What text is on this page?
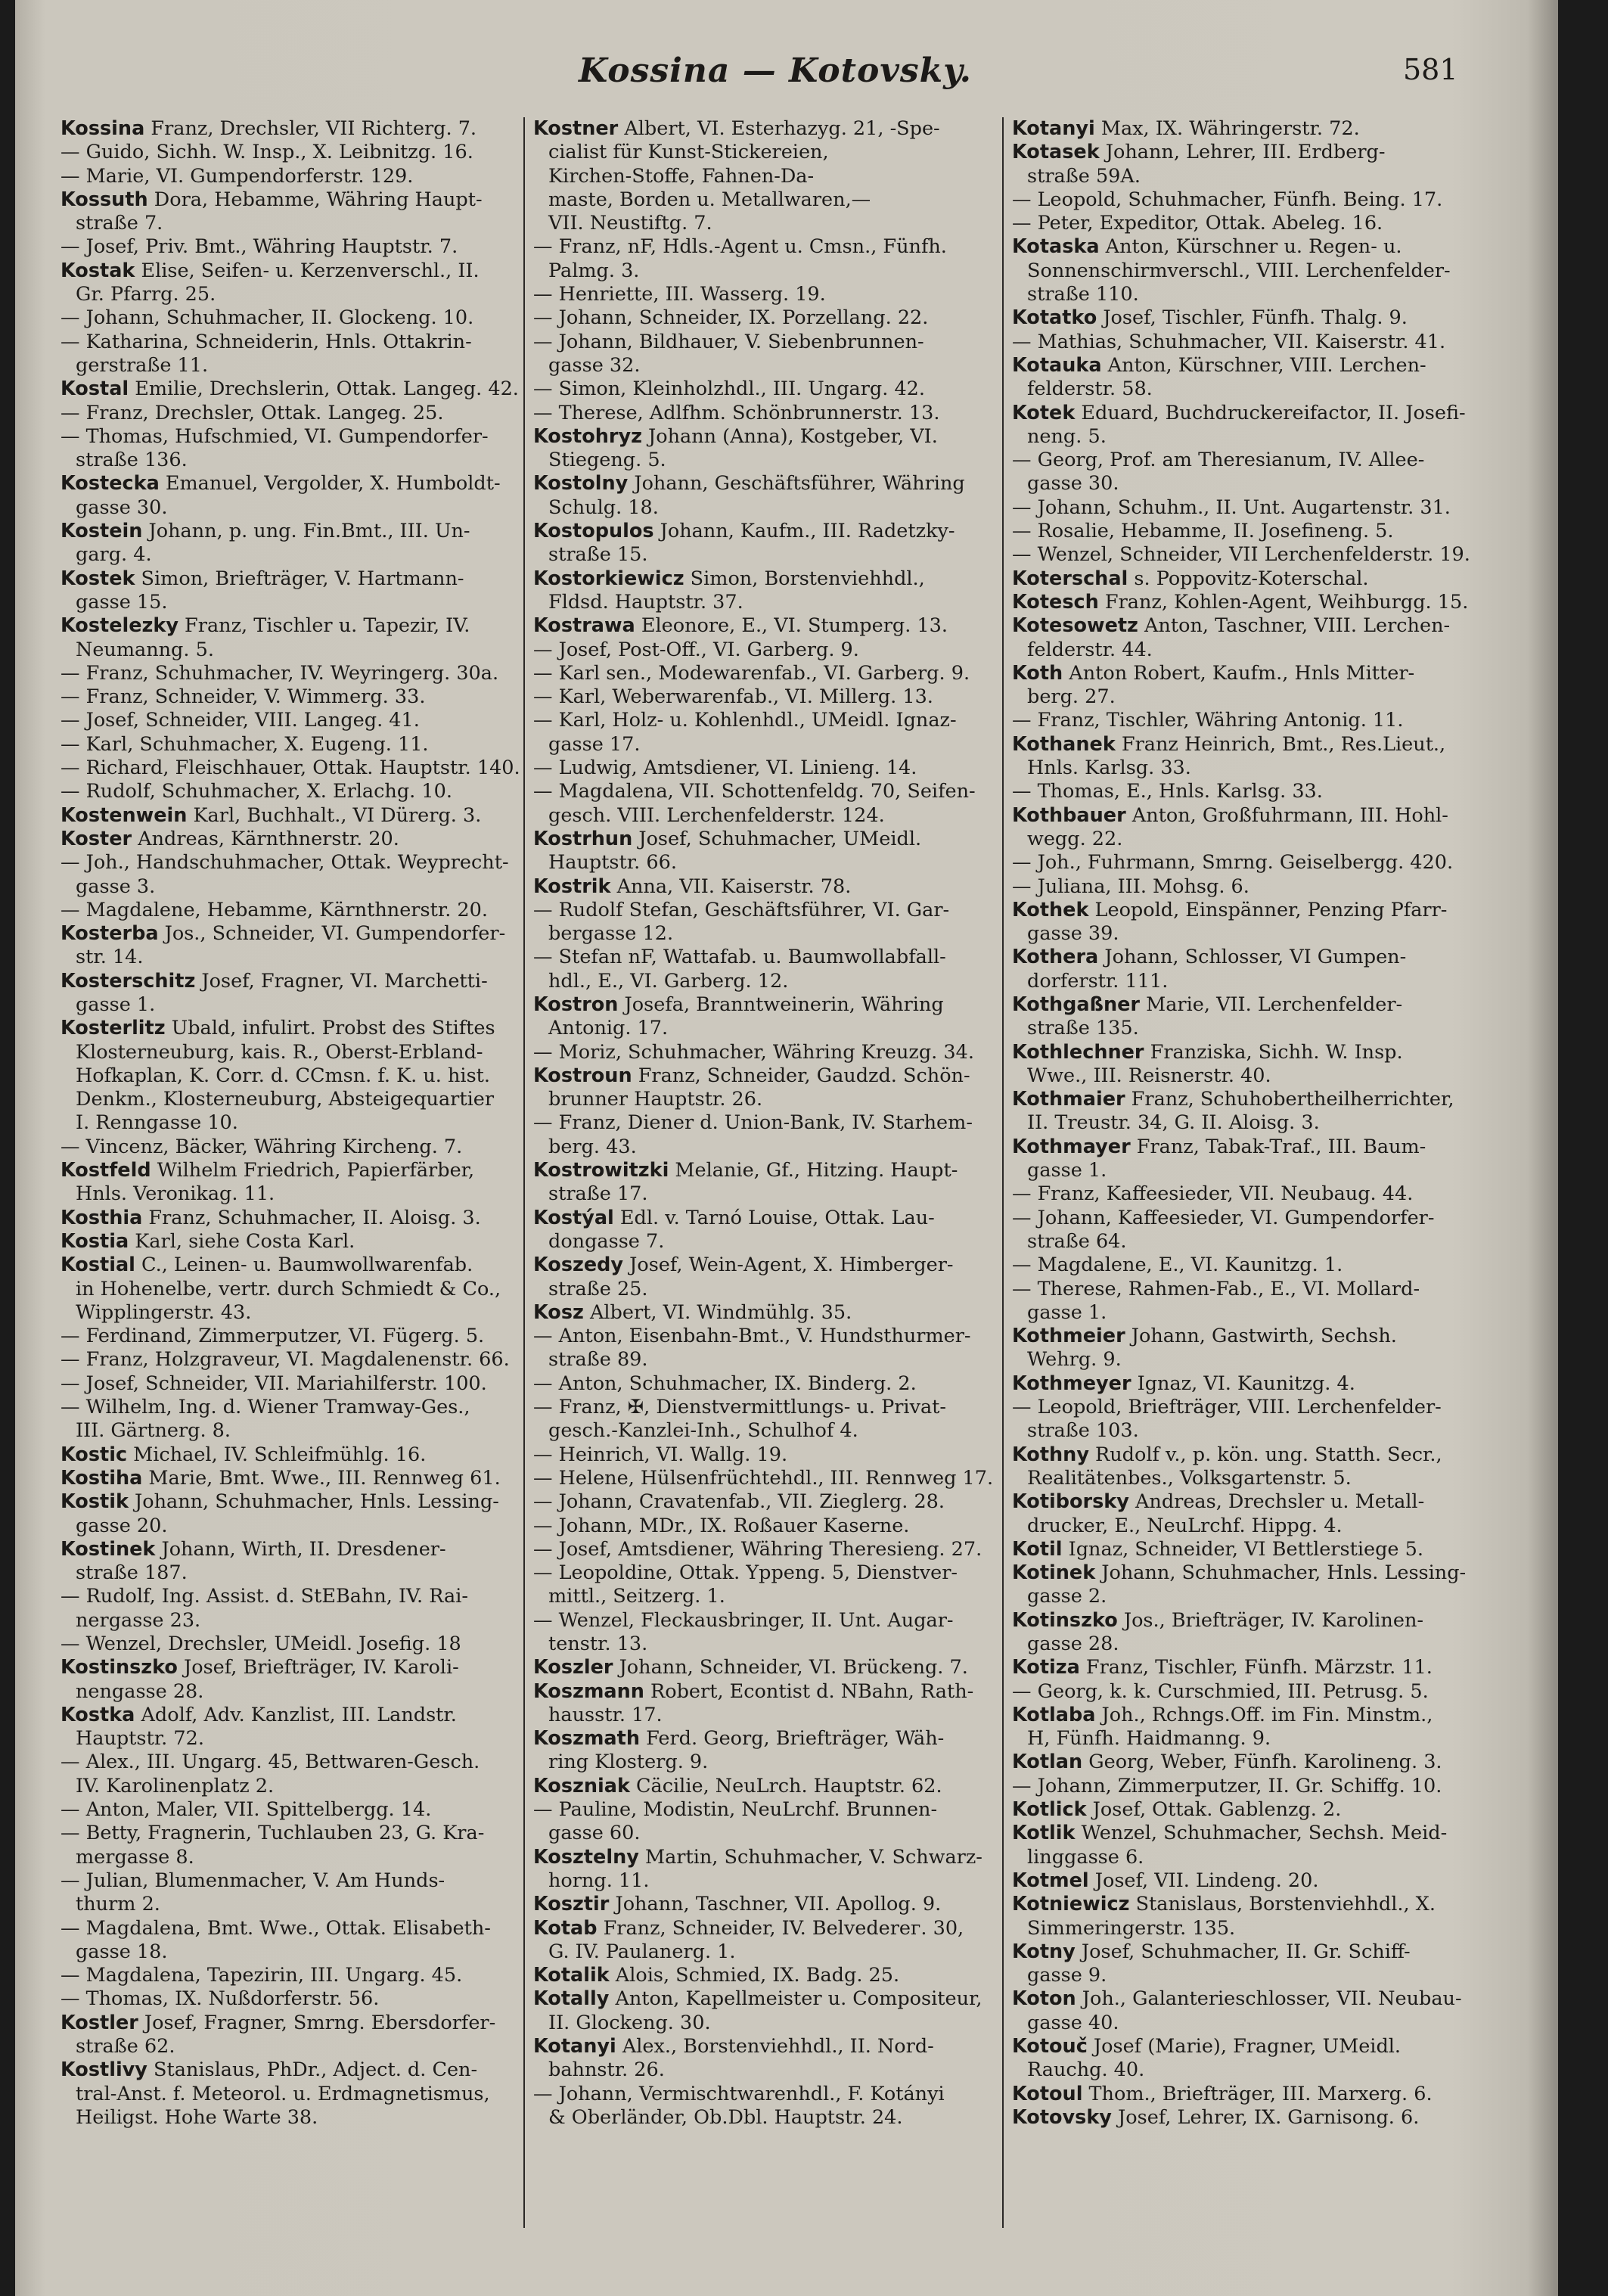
Kossina — Kotovsky.	581
Kossina Franz, Drechsler, VII Richterg. 7.
— Guido, Sichh. W. Insp., X. Leibnitzg. 16.
— Marie, VI. Gumpendorferstr. 129.
Kossuth Dora, Hebamme, Währing Haupt-
straße 7.
— Josef, Priv. Bmt., Währing Hauptstr. 7.
Kostak Elise, Seifen- u. Kerzenverschl., II.
Gr. Pfarrg. 25.
— Johann, Schuhmacher, II. Glockeng. 10.
— Katharina, Schneiderin, Hnls. Ottakrin-
gerstraße 11.
Kostal Emilie, Drechslerin, Ottak. Langeg. 42.
— Franz, Drechsler, Ottak. Langeg. 25.
— Thomas, Hufschmied, VI. Gumpendorfer-
straße 136.
Kostecka Emanuel, Vergolder, X. Humboldt-
gasse 30.
Kostein Johann, p. ung. Fin.Bmt., III. Un-
garg. 4.
Kostek Simon, Briefträger, V. Hartmann-
gasse 15.
Kostelezky Franz, Tischler u. Tapezir, IV.
Neumanng. 5.
— Franz, Schuhmacher, IV. Weyringerg. 30a.
— Franz, Schneider, V. Wimmerg. 33.
— Josef, Schneider, VIII. Langeg. 41.
— Karl, Schuhmacher, X. Eugeng. 11.
— Richard, Fleischhauer, Ottak. Hauptstr. 140.
— Rudolf, Schuhmacher, X. Erlachg. 10.
Kostenwein Karl, Buchhalt., VI Dürerg. 3.
Koster Andreas, Kärnthnerstr. 20.
— Joh., Handschuhmacher, Ottak. Weyprecht-
gasse 3.
— Magdalene, Hebamme, Kärnthnerstr. 20.
Kosterba Jos., Schneider, VI. Gumpendorfer-
str. 14.
Kosterschitz Josef, Fragner, VI. Marchetti-
gasse 1.
Kosterlitz Ubald, infulirt. Probst des Stiftes
Klosterneuburg, kais. R., Oberst-Erbland-
Hofkaplan, K. Corr. d. CCmsn. f. K. u. hist.
Denkm., Klosterneuburg, Absteigequartier
I. Renngasse 10.
— Vincenz, Bäcker, Währing Kircheng. 7.
Kostfeld Wilhelm Friedrich, Papierfärber,
Hnls. Veronikag. 11.
Kosthia Franz, Schuhmacher, II. Aloisg. 3.
Kostia Karl, siehe Costa Karl.
Kostial C., Leinen- u. Baumwollwarenfab.
in Hohenelbe, vertr. durch Schmiedt & Co.,
Wipplingerstr. 43.
— Ferdinand, Zimmerputzer, VI. Fügerg. 5.
— Franz, Holzgraveur, VI. Magdalenenstr. 66.
— Josef, Schneider, VII. Mariahilferstr. 100.
— Wilhelm, Ing. d. Wiener Tramway-Ges.,
III. Gärtnerg. 8.
Kostic Michael, IV. Schleifmühlg. 16.
Kostiha Marie, Bmt. Wwe., III. Rennweg 61.
Kostik Johann, Schuhmacher, Hnls. Lessing-
gasse 20.
Kostinek Johann, Wirth, II. Dresdener-
straße 187.
— Rudolf, Ing. Assist. d. StEBahn, IV. Rai-
nergasse 23.
— Wenzel, Drechsler, UMeidl. Josefig. 18
Kostinszko Josef, Briefträger, IV. Karoli-
nengasse 28.
Kostka Adolf, Adv. Kanzlist, III. Landstr.
Hauptstr. 72.
— Alex., III. Ungarg. 45, Bettwaren-Gesch.
IV. Karolinenplatz 2.
— Anton, Maler, VII. Spittelbergg. 14.
— Betty, Fragnerin, Tuchlauben 23, G. Kra-
mergasse 8.
— Julian, Blumenmacher, V. Am Hunds-
thurm 2.
— Magdalena, Bmt. Wwe., Ottak. Elisabeth-
gasse 18.
— Magdalena, Tapezirin, III. Ungarg. 45.
— Thomas, IX. Nußdorferstr. 56.
Kostler Josef, Fragner, Smrng. Ebersdorfer-
straße 62.
Kostlivy Stanislaus, PhDr., Adject. d. Cen-
tral-Anst. f. Meteorol. u. Erdmagnetismus,
Heiligst. Hohe Warte 38.
Kostner Albert, VI. Esterhazyg. 21, -Spe-
cialist für Kunst-Stickereien,
Kirchen-Stoffe, Fahnen-Da-
maste, Borden u. Metallwaren,—
VII. Neustiftg. 7.
— Franz, nF, Hdls.-Agent u. Cmsn., Fünfh.
Palmg. 3.
— Henriette, III. Wasserg. 19.
— Johann, Schneider, IX. Porzellang. 22.
— Johann, Bildhauer, V. Siebenbrunnen-
gasse 32.
— Simon, Kleinholzhdl., III. Ungarg. 42.
— Therese, Adlfhm. Schönbrunnerstr. 13.
Kostohryz Johann (Anna), Kostgeber, VI.
Stiegeng. 5.
Kostolny Johann, Geschäftsführer, Währing
Schulg. 18.
Kostopulos Johann, Kaufm., III. Radetzky-
straße 15.
Kostorkiewicz Simon, Borstenviehhdl.,
Fldsd. Hauptstr. 37.
Kostrawa Eleonore, E., VI. Stumperg. 13.
— Josef, Post-Off., VI. Garberg. 9.
— Karl sen., Modewarenfab., VI. Garberg. 9.
— Karl, Weberwarenfab., VI. Millerg. 13.
— Karl, Holz- u. Kohlenhdl., UMeidl. Ignaz-
gasse 17.
— Ludwig, Amtsdiener, VI. Linieng. 14.
— Magdalena, VII. Schottenfeldg. 70, Seifen-
gesch. VIII. Lerchenfelderstr. 124.
Kostrhun Josef, Schuhmacher, UMeidl.
Hauptstr. 66.
Kostrik Anna, VII. Kaiserstr. 78.
— Rudolf Stefan, Geschäftsführer, VI. Gar-
bergasse 12.
— Stefan nF, Wattafab. u. Baumwollabfall-
hdl., E., VI. Garberg. 12.
Kostron Josefa, Branntweinerin, Währing
Antonig. 17.
— Moriz, Schuhmacher, Währing Kreuzg. 34.
Kostroun Franz, Schneider, Gaudzd. Schön-
brunner Hauptstr. 26.
— Franz, Diener d. Union-Bank, IV. Starhem-
berg. 43.
Kostrowitzki Melanie, Gf., Hitzing. Haupt-
straße 17.
Kostýal Edl. v. Tarnó Louise, Ottak. Lau-
dongasse 7.
Koszedy Josef, Wein-Agent, X. Himberger-
straße 25.
Kosz Albert, VI. Windmühlg. 35.
— Anton, Eisenbahn-Bmt., V. Hundsthurmer-
straße 89.
— Anton, Schuhmacher, IX. Binderg. 2.
— Franz, ✠, Dienstvermittlungs- u. Privat-
gesch.-Kanzlei-Inh., Schulhof 4.
— Heinrich, VI. Wallg. 19.
— Helene, Hülsenfrüchtehdl., III. Rennweg 17.
— Johann, Cravatenfab., VII. Zieglerg. 28.
— Johann, MDr., IX. Roßauer Kaserne.
— Josef, Amtsdiener, Währing Theresieng. 27.
— Leopoldine, Ottak. Yppeng. 5, Dienstver-
mittl., Seitzerg. 1.
— Wenzel, Fleckausbringer, II. Unt. Augar-
tenstr. 13.
Koszler Johann, Schneider, VI. Brückeng. 7.
Koszmann Robert, Econtist d. NBahn, Rath-
hausstr. 17.
Koszmath Ferd. Georg, Briefträger, Wäh-
ring Klosterg. 9.
Koszniak Cäcilie, NeuLrch. Hauptstr. 62.
— Pauline, Modistin, NeuLrchf. Brunnen-
gasse 60.
Kosztelny Martin, Schuhmacher, V. Schwarz-
horng. 11.
Kosztir Johann, Taschner, VII. Apollog. 9.
Kotab Franz, Schneider, IV. Belvederег. 30,
G. IV. Paulanerg. 1.
Kotalik Alois, Schmied, IX. Badg. 25.
Kotally Anton, Kapellmeister u. Compositeur,
II. Glockeng. 30.
Kotanyi Alex., Borstenviehhdl., II. Nord-
bahnstr. 26.
— Johann, Vermischtwarenhdl., F. Kotányi
& Oberländer, Ob.Dbl. Hauptstr. 24.
Kotanyi Max, IX. Währingerstr. 72.
Kotasek Johann, Lehrer, III. Erdberg-
straße 59A.
— Leopold, Schuhmacher, Fünfh. Being. 17.
— Peter, Expeditor, Ottak. Abeleg. 16.
Kotaska Anton, Kürschner u. Regen- u.
Sonnenschirmverschl., VIII. Lerchenfelder-
straße 110.
Kotatko Josef, Tischler, Fünfh. Thalg. 9.
— Mathias, Schuhmacher, VII. Kaiserstr. 41.
Kotauka Anton, Kürschner, VIII. Lerchen-
felderstr. 58.
Kotek Eduard, Buchdruckereifactor, II. Josefi-
neng. 5.
— Georg, Prof. am Theresianum, IV. Allee-
gasse 30.
— Johann, Schuhm., II. Unt. Augartenstr. 31.
— Rosalie, Hebamme, II. Josefineng. 5.
— Wenzel, Schneider, VII Lerchenfelderstr. 19.
Koterschal s. Poppovitz-Koterschal.
Kotesch Franz, Kohlen-Agent, Weihburgg. 15.
Kotesowetz Anton, Taschner, VIII. Lerchen-
felderstr. 44.
Koth Anton Robert, Kaufm., Hnls Mitter-
berg. 27.
— Franz, Tischler, Währing Antonig. 11.
Kothanek Franz Heinrich, Bmt., Res.Lieut.,
Hnls. Karlsg. 33.
— Thomas, E., Hnls. Karlsg. 33.
Kothbauer Anton, Großfuhrmann, III. Hohl-
wegg. 22.
— Joh., Fuhrmann, Smrng. Geiselbergg. 420.
— Juliana, III. Mohsg. 6.
Kothek Leopold, Einspänner, Penzing Pfarr-
gasse 39.
Kothera Johann, Schlosser, VI Gumpen-
dorferstr. 111.
Kothgaßner Marie, VII. Lerchenfelder-
straße 135.
Kothlechner Franziska, Sichh. W. Insp.
Wwe., III. Reisnerstr. 40.
Kothmaier Franz, Schuhobertheilherrichter,
II. Treustr. 34, G. II. Aloisg. 3.
Kothmayer Franz, Tabak-Traf., III. Baum-
gasse 1.
— Franz, Kaffeesieder, VII. Neubaug. 44.
— Johann, Kaffeesieder, VI. Gumpendorfer-
straße 64.
— Magdalene, E., VI. Kaunitzg. 1.
— Therese, Rahmen-Fab., E., VI. Mollard-
gasse 1.
Kothmeier Johann, Gastwirth, Sechsh.
Wehrg. 9.
Kothmeyer Ignaz, VI. Kaunitzg. 4.
— Leopold, Briefträger, VIII. Lerchenfelder-
straße 103.
Kothny Rudolf v., p. kön. ung. Statth. Secr.,
Realitätenbes., Volksgartenstr. 5.
Kotiborsky Andreas, Drechsler u. Metall-
drucker, E., NeuLrchf. Hippg. 4.
Kotil Ignaz, Schneider, VI Bettlerstiege 5.
Kotinek Johann, Schuhmacher, Hnls. Lessing-
gasse 2.
Kotinszko Jos., Briefträger, IV. Karolinen-
gasse 28.
Kotiza Franz, Tischler, Fünfh. Märzstr. 11.
— Georg, k. k. Curschmied, III. Petrusg. 5.
Kotlaba Joh., Rchngs.Off. im Fin. Minstm.,
H, Fünfh. Haidmanng. 9.
Kotlan Georg, Weber, Fünfh. Karolineng. 3.
— Johann, Zimmerputzer, II. Gr. Schiffg. 10.
Kotlick Josef, Ottak. Gablenzg. 2.
Kotlik Wenzel, Schuhmacher, Sechsh. Meid-
linggasse 6.
Kotmel Josef, VII. Lindeng. 20.
Kotniewicz Stanislaus, Borstenviehhdl., X.
Simmeringerstr. 135.
Kotny Josef, Schuhmacher, II. Gr. Schiff-
gasse 9.
Koton Joh., Galanterieschlosser, VII. Neubau-
gasse 40.
Kotouč Josef (Marie), Fragner, UMeidl.
Rauchg. 40.
Kotoul Thom., Briefträger, III. Marxerg. 6.
Kotovsky Josef, Lehrer, IX. Garnisong. 6.
